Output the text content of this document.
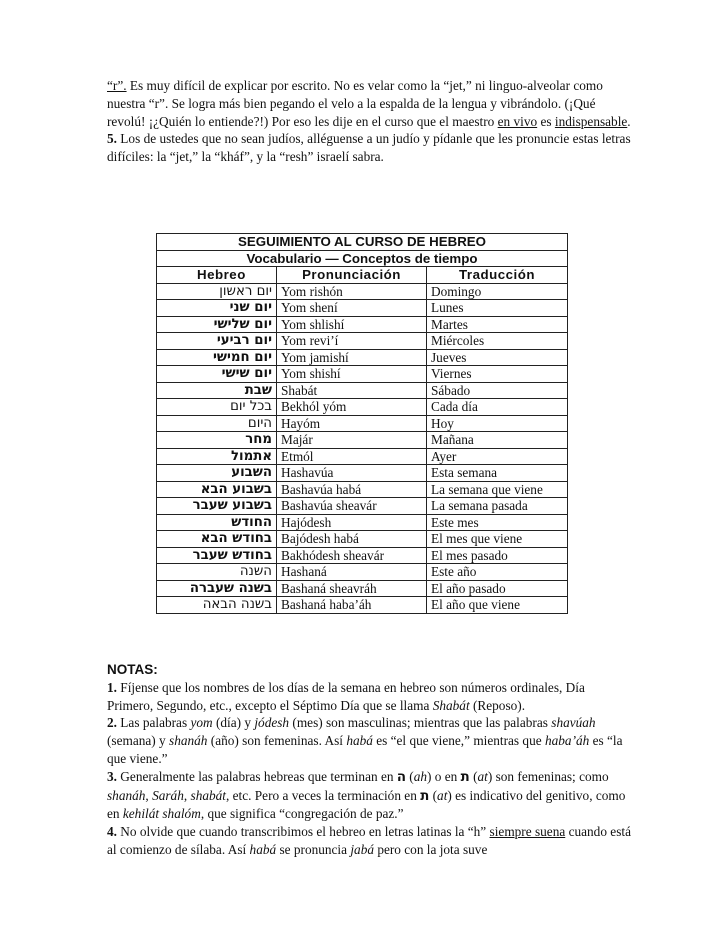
“r”. Es muy difícil de explicar por escrito. No es velar como la “jet,” ni linguo-alveolar como nuestra “r”. Se logra más bien pegando el velo a la espalda de la lengua y vibrándolo. (¡Qué revolú! ¡¿Quién lo entiende?!) Por eso les dije en el curso que el maestro en vivo es indispensable.
5. Los de ustedes que no sean judíos, alléguense a un judío y pídanle que les pronuncie estas letras difíciles: la “jet,” la “kháf”, y la “resh” israelí sabra.
SEGUIMIENTO AL CURSO DE HEBREO		
Vocabulario — Conceptos de tiempo		
Hebreo	Pronunciación	Traducción
יום ראשון	Yom rishón	Domingo
יום שני	Yom shení	Lunes
יום שלישי	Yom shlishí	Martes
יום רביעי	Yom revi’í	Miércoles
יום חמישי	Yom jamishí	Jueves
יום שישי	Yom shishí	Viernes
שבת	Shabát	Sábado
בכל יום	Bekhól yóm	Cada día
היום	Hayóm	Hoy
מחר	Majár	Mañana
אתמול	Etmól	Ayer
השבוע	Hashavúa	Esta semana
בשבוע הבא	Bashavúa habá	La semana que viene
בשבוע שעבר	Bashavúa sheavár	La semana pasada
החודש	Hajódesh	Este mes
בחודש הבא	Bajódesh habá	El mes que viene
בחודש שעבר	Bakhódesh sheavár	El mes pasado
השנה	Hashaná	Este año
בשנה שעברה	Bashaná sheavráh	El año pasado
בשנה הבאה	Bashaná haba’áh	El año que viene
NOTAS:
1. Fíjense que los nombres de los días de la semana en hebreo son números ordinales, Día Primero, Segundo, etc., excepto el Séptimo Día que se llama Shabát (Reposo).
2. Las palabras yom (día) y jódesh (mes) son masculinas; mientras que las palabras shavúah (semana) y shanáh (año) son femeninas. Así habá es “el que viene,” mientras que haba’áh es “la que viene.”
3. Generalmente las palabras hebreas que terminan en ה (ah) o en ת (at) son femeninas; como shanáh, Saráh, shabát, etc. Pero a veces la terminación en ת (at) es indicativo del genitivo, como en kehilát shalóm, que significa “congregación de paz.”
4. No olvide que cuando transcribimos el hebreo en letras latinas la “h” siempre suena cuando está al comienzo de sílaba. Así habá se pronuncia jabá pero con la jota suve
